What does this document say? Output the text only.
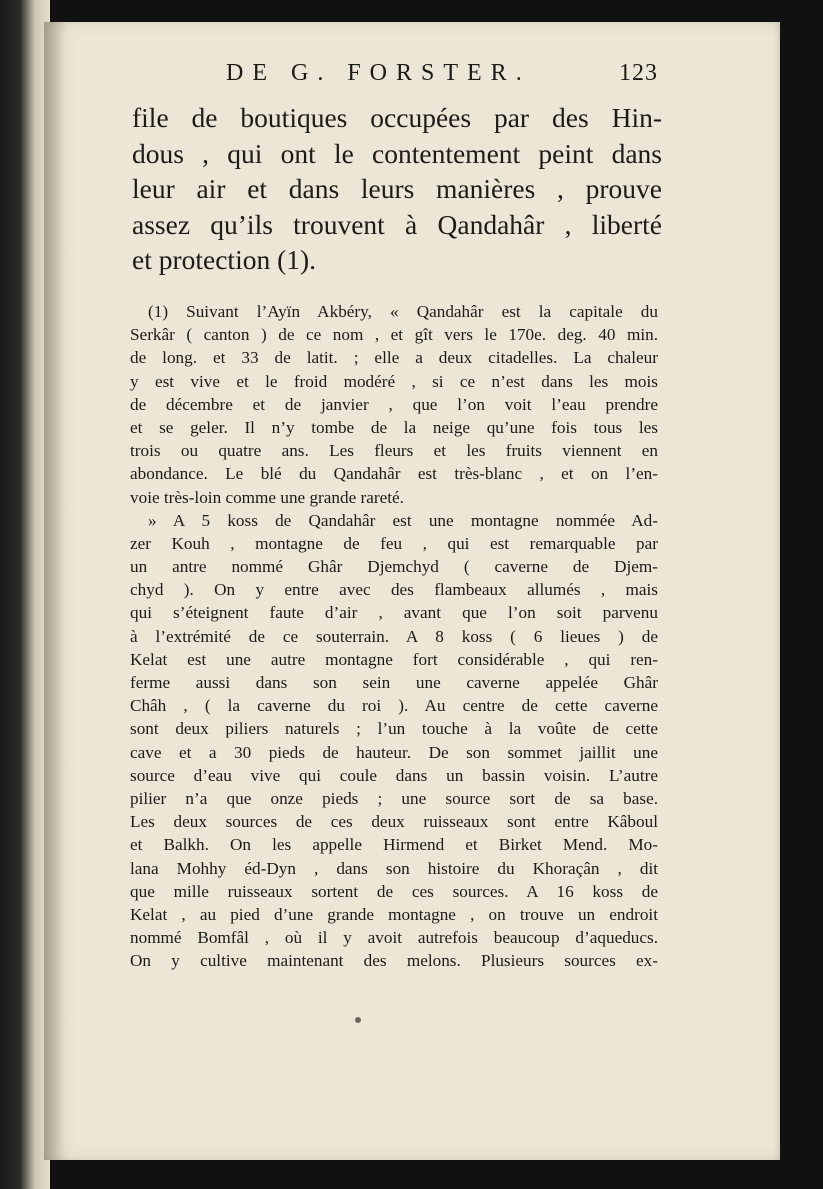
DE G. FORSTER.	123
file de boutiques occupées par des Hin-
dous , qui ont le contentement peint dans
leur air et dans leurs manières , prouve
assez qu’ils trouvent à Qandahâr , liberté
et protection (1).
(1) Suivant l’Ayïn Akbéry, « Qandahâr est la capitale du
Serkâr ( canton ) de ce nom , et gît vers le 170e. deg. 40 min.
de long. et 33 de latit. ; elle a deux citadelles. La chaleur
y est vive et le froid modéré , si ce n’est dans les mois
de décembre et de janvier , que l’on voit l’eau prendre
et se geler. Il n’y tombe de la neige qu’une fois tous les
trois ou quatre ans. Les fleurs et les fruits viennent en
abondance. Le blé du Qandahâr est très-blanc , et on l’en-
voie très-loin comme une grande rareté.
» A 5 koss de Qandahâr est une montagne nommée Ad-
zer Kouh , montagne de feu , qui est remarquable par
un antre nommé Ghâr Djemchyd ( caverne de Djem-
chyd ). On y entre avec des flambeaux allumés , mais
qui s’éteignent faute d’air , avant que l’on soit parvenu
à l’extrémité de ce souterrain. A 8 koss ( 6 lieues ) de
Kelat est une autre montagne fort considérable , qui ren-
ferme aussi dans son sein une caverne appelée Ghâr
Châh , ( la caverne du roi ). Au centre de cette caverne
sont deux piliers naturels ; l’un touche à la voûte de cette
cave et a 30 pieds de hauteur. De son sommet jaillit une
source d’eau vive qui coule dans un bassin voisin. L’autre
pilier n’a que onze pieds ; une source sort de sa base.
Les deux sources de ces deux ruisseaux sont entre Kâboul
et Balkh. On les appelle Hirmend et Birket Mend. Mo-
lana Mohhy éd-Dyn , dans son histoire du Khoraçân , dit
que mille ruisseaux sortent de ces sources. A 16 koss de
Kelat , au pied d’une grande montagne , on trouve un endroit
nommé Bomfâl , où il y avoit autrefois beaucoup d’aqueducs.
On y cultive maintenant des melons. Plusieurs sources ex-
